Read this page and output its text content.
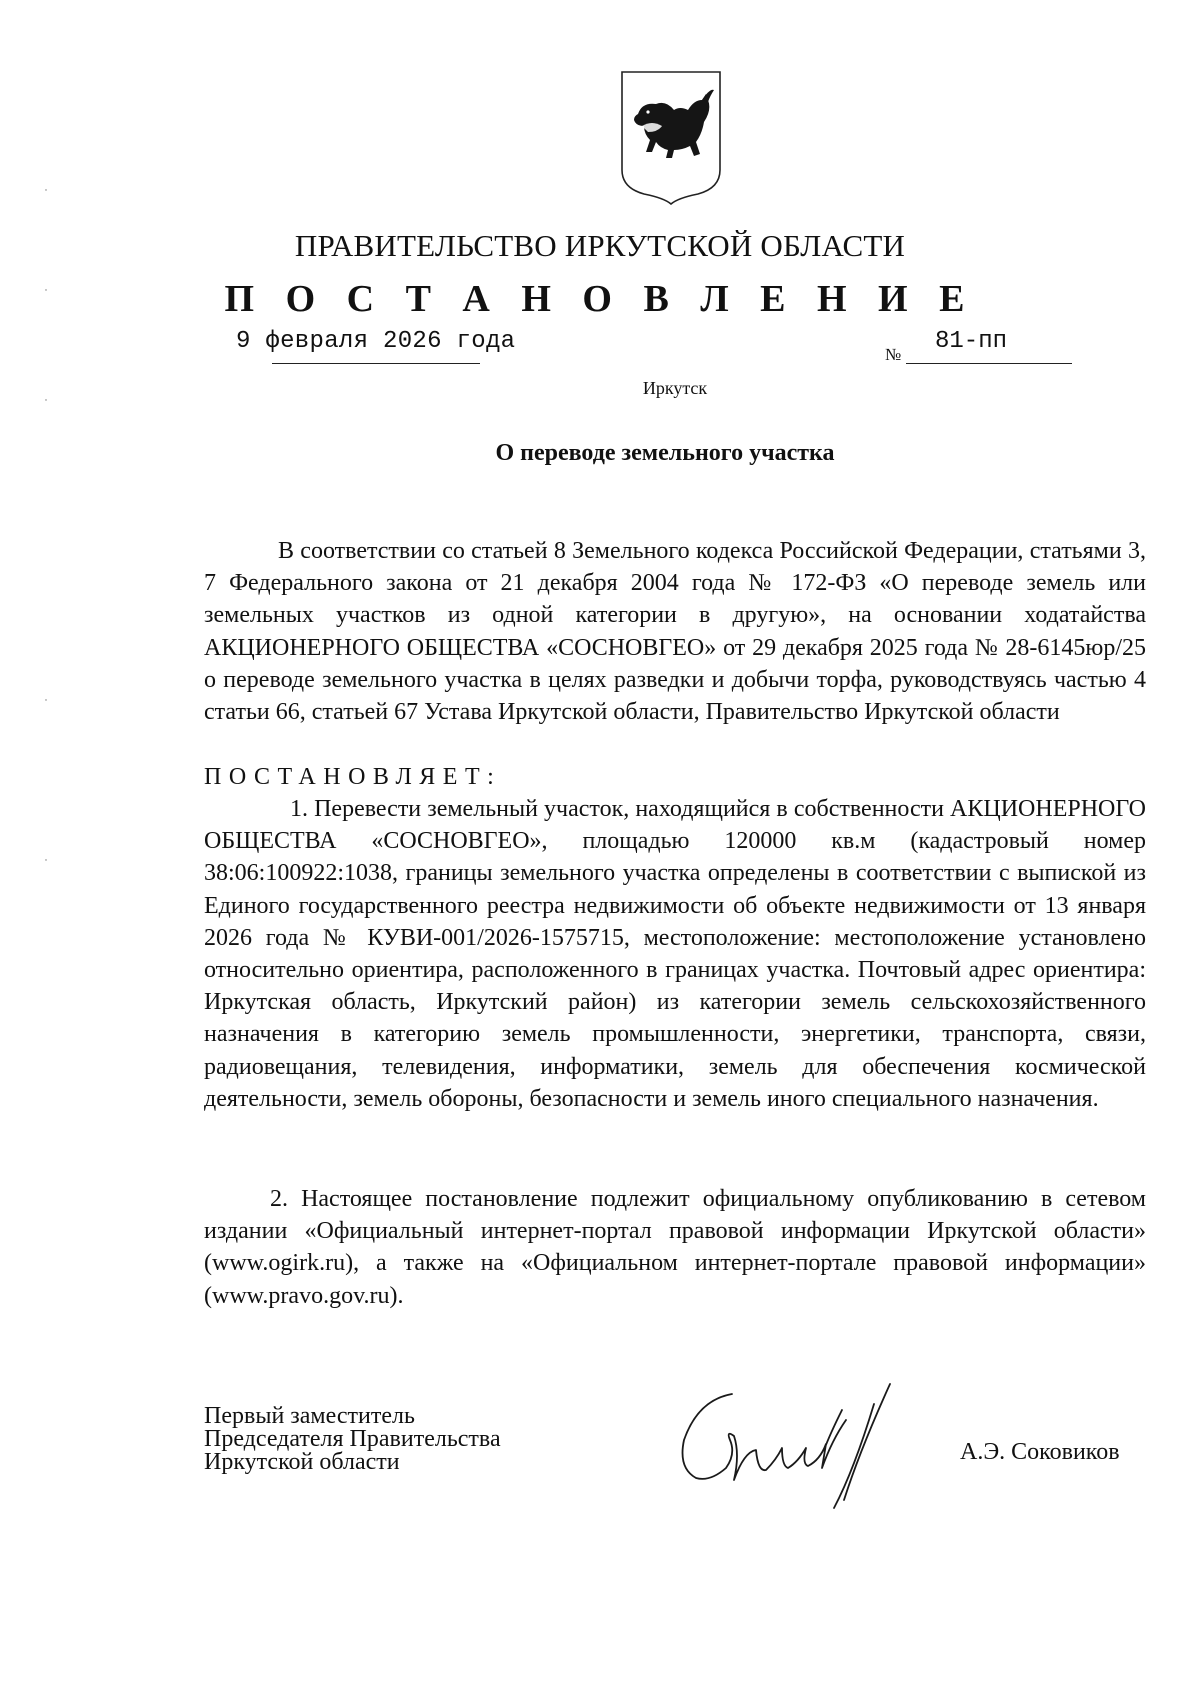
ПРАВИТЕЛЬСТВО ИРКУТСКОЙ ОБЛАСТИ
П О С Т А Н О В Л Е Н И Е
9 февраля 2026 года	№ 81-пп
Иркутск
О переводе земельного участка

В соответствии со статьей 8 Земельного кодекса Российской Федерации, статьями 3, 7 Федерального закона от 21 декабря 2004 года № 172-ФЗ «О переводе земель или земельных участков из одной категории в другую», на основании ходатайства АКЦИОНЕРНОГО ОБЩЕСТВА «СОСНОВГЕО» от 29 декабря 2025 года № 28-6145юр/25 о переводе земельного участка в целях разведки и добычи торфа, руководствуясь частью 4 статьи 66, статьей 67 Устава Иркутской области, Правительство Иркутской области

ПОСТАНОВЛЯЕТ:

1. Перевести земельный участок, находящийся в собственности АКЦИОНЕРНОГО ОБЩЕСТВА «СОСНОВГЕО», площадью 120000 кв.м (кадастровый номер 38:06:100922:1038, границы земельного участка определены в соответствии с выпиской из Единого государственного реестра недвижимости об объекте недвижимости от 13 января 2026 года № КУВИ-001/2026-1575715, местоположение: местоположение установлено относительно ориентира, расположенного в границах участка. Почтовый адрес ориентира: Иркутская область, Иркутский район) из категории земель сельскохозяйственного назначения в категорию земель промышленности, энергетики, транспорта, связи, радиовещания, телевидения, информатики, земель для обеспечения космической деятельности, земель обороны, безопасности и земель иного специального назначения.

2. Настоящее постановление подлежит официальному опубликованию в сетевом издании «Официальный интернет-портал правовой информации Иркутской области» (www.ogirk.ru), а также на «Официальном интернет-портале правовой информации» (www.pravo.gov.ru).

Первый заместитель
Председателя Правительства
Иркутской области	А.Э. Соковиков
